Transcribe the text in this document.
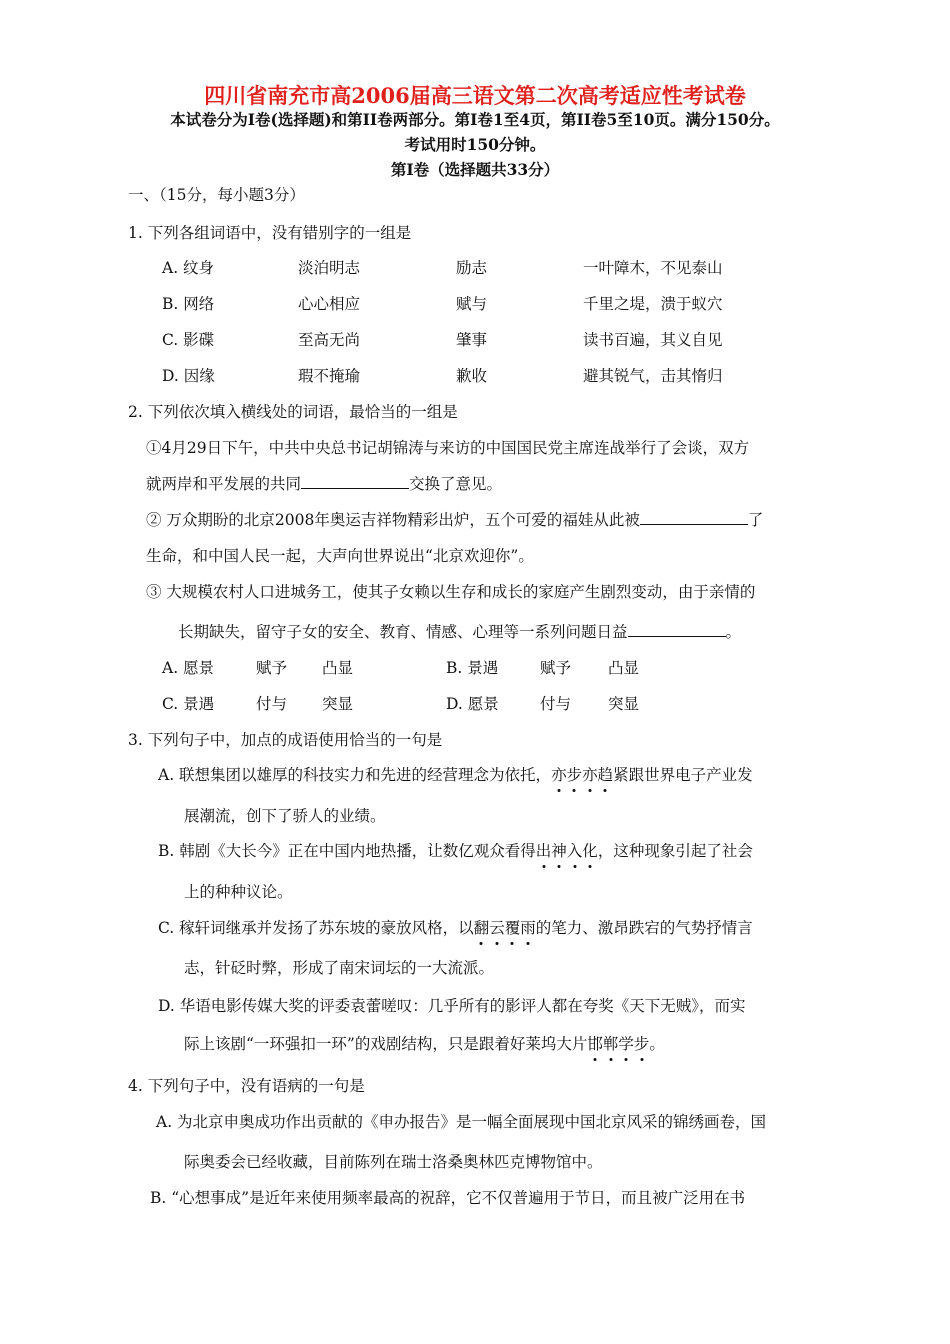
四川省南充市高2006届高三语文第二次高考适应性考试卷
本试卷分为I卷(选择题)和第II卷两部分。第I卷1至4页，第II卷5至10页。满分150分。
考试用时150分钟。
第I卷（选择题共33分）
一、（15分，每小题3分）
1. 下列各组词语中，没有错别字的一组是
A. 纹身	淡泊明志	励志	一叶障木，不见泰山
B. 网络	心心相应	赋与	千里之堤，溃于蚁穴
C. 影碟	至高无尚	肇事	读书百遍，其义自见
D. 因缘	瑕不掩瑜	歉收	避其锐气，击其惰归
2. 下列依次填入横线处的词语，最恰当的一组是
①4月29日下午，中共中央总书记胡锦涛与来访的中国国民党主席连战举行了会谈，双方
就两岸和平发展的共同	交换了意见。
② 万众期盼的北京2008年奥运吉祥物精彩出炉，五个可爱的福娃从此被	了
生命，和中国人民一起，大声向世界说出“北京欢迎你”。
③ 大规模农村人口进城务工，使其子女赖以生存和成长的家庭产生剧烈变动，由于亲情的
长期缺失，留守子女的安全、教育、情感、心理等一系列问题日益	。
A. 愿景	赋予 凸显	B. 景遇	赋予 凸显
C. 景遇	付与 突显	D. 愿景	付与 突显
3. 下列句子中，加点的成语使用恰当的一句是
A. 联想集团以雄厚的科技实力和先进的经营理念为依托，亦步亦趋紧跟世界电子产业发
展潮流，创下了骄人的业绩。
B. 韩剧《大长今》正在中国内地热播，让数亿观众看得出神入化，这种现象引起了社会
上的种种议论。
C. 稼轩词继承并发扬了苏东坡的豪放风格，以翻云覆雨的笔力、激昂跌宕的气势抒情言
志，针砭时弊，形成了南宋词坛的一大流派。
D. 华语电影传媒大奖的评委袁蕾嗟叹：几乎所有的影评人都在夸奖《天下无贼》，而实
际上该剧“一环强扣一环”的戏剧结构，只是跟着好莱坞大片邯郸学步。
4. 下列句子中，没有语病的一句是
A. 为北京申奥成功作出贡献的《申办报告》是一幅全面展现中国北京风采的锦绣画卷，国
际奥委会已经收藏，目前陈列在瑞士洛桑奥林匹克博物馆中。
B. “心想事成”是近年来使用频率最高的祝辞，它不仅普遍用于节日，而且被广泛用在书
